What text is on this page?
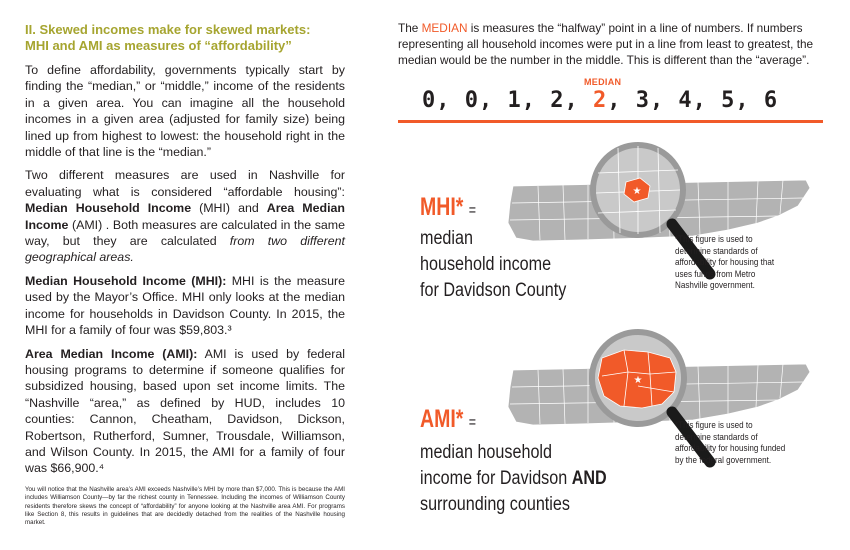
II. Skewed incomes make for skewed markets:
MHI and AMI as measures of “affordability”

To define affordability, governments typically start by finding the “median,” or “middle,” income of the residents in a given area. You can imagine all the household incomes in a given area (adjusted for family size) being lined up from highest to lowest: the household right in the middle of that line is the “median.”

Two different measures are used in Nashville for evaluating what is considered “affordable housing”: Median Household Income (MHI) and Area Median Income (AMI) . Both measures are calculated in the same way, but they are calculated from two different geographical areas.

Median Household Income (MHI): MHI is the measure used by the Mayor’s Office. MHI only looks at the median income for households in Davidson County. In 2015, the MHI for a family of four was $59,803.³

Area Median Income (AMI): AMI is used by federal housing programs to determine if someone qualifies for subsidized housing, based upon set income limits. The “Nashville “area,” as defined by HUD, includes 10 counties: Cannon, Cheatham, Davidson, Dickson, Robertson, Rutherford, Sumner, Trousdale, Williamson, and Wilson County. In 2015, the AMI for a family of four was $66,900.⁴

You will notice that the Nashville area’s AMI exceeds Nashville’s MHI by more than $7,000. This is because the AMI includes Williamson County—by far the richest county in Tennessee. Including the incomes of Williamson County residents therefore skews the concept of “affordability” for anyone looking at the Nashville area AMI. For programs like Section 8, this results in guidelines that are decidedly detached from the realities of the Nashville housing market.
The MEDIAN is measures the “halfway” point in a line of numbers. If numbers representing all household incomes were put in a line from least to greatest, the median would be the number in the middle. This is different than the “average”.
MEDIAN
0, 0, 1, 2, 2, 3, 4, 5, 6
★
MHI* =
median
household income
for Davidson County
*This figure is used to determine standards of affordability for housing that uses funds from Metro Nashville government.
★
AMI* =
median household
income for Davidson AND
surrounding counties
*This figure is used to determine standards of affordability for housing funded by the federal government.
